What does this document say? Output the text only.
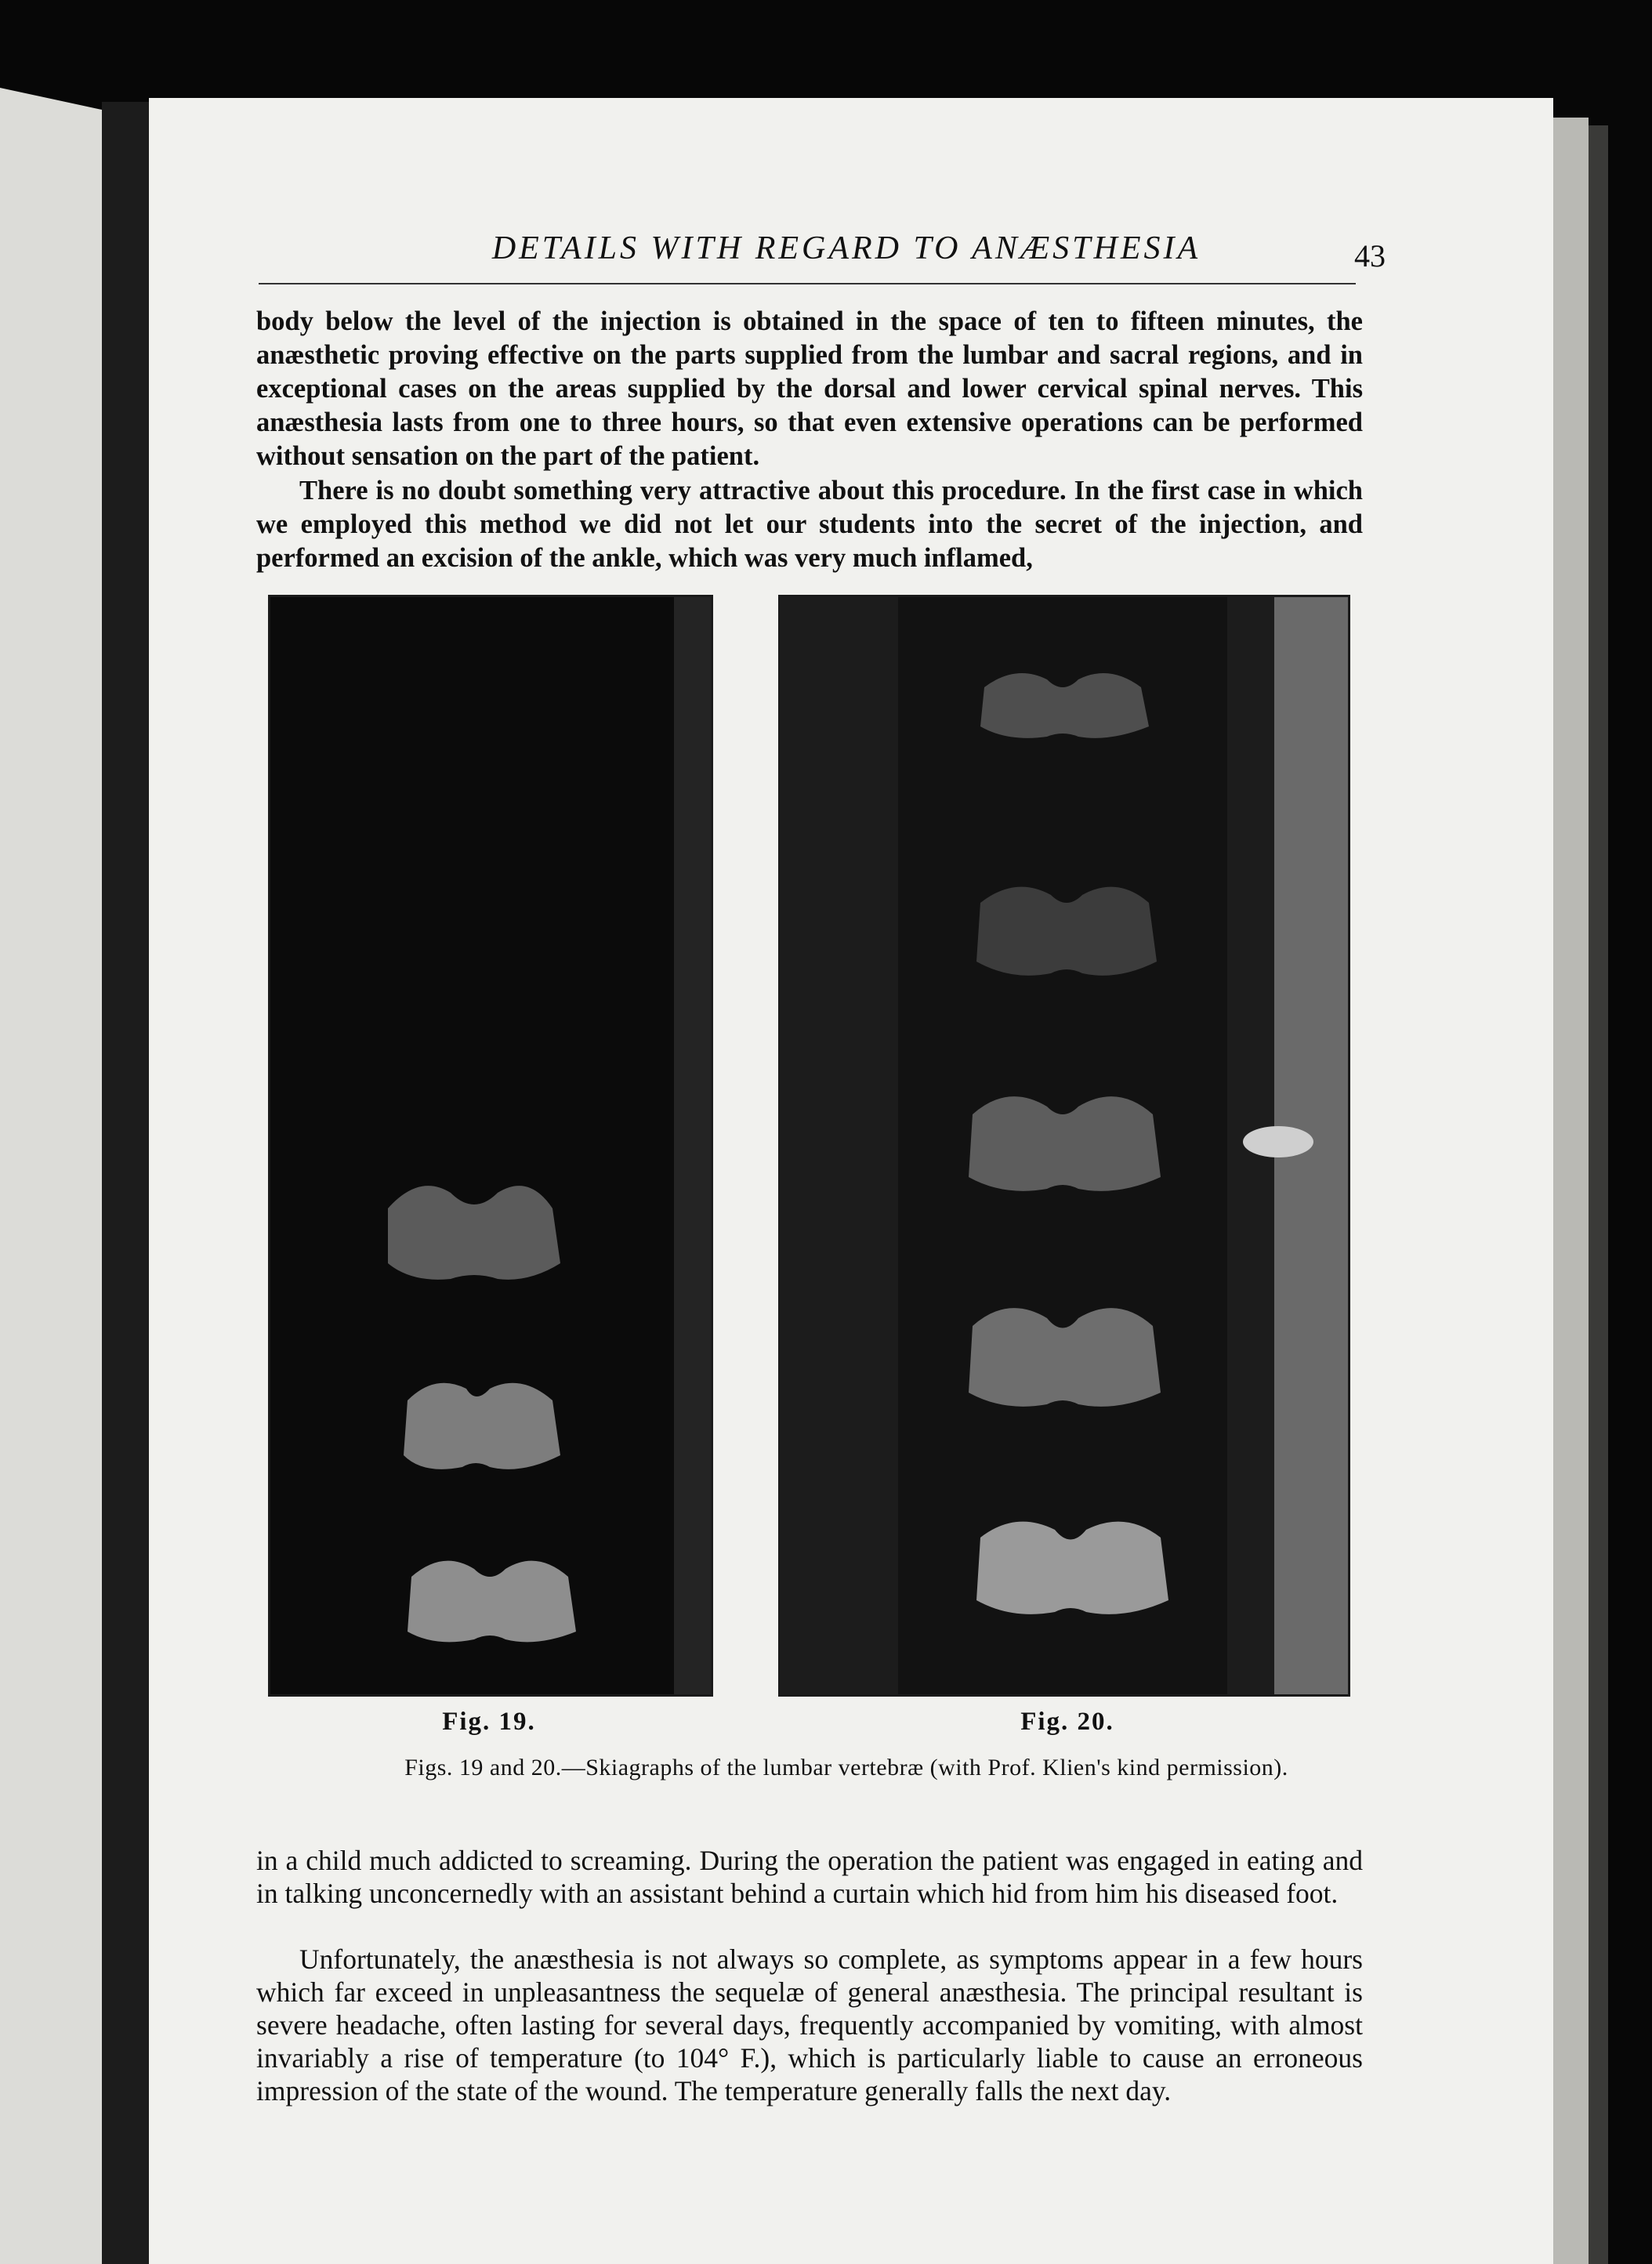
DETAILS WITH REGARD TO ANÆSTHESIA	43
body below the level of the injection is obtained in the space of ten to fifteen minutes, the anæsthetic proving effective on the parts supplied from the lumbar and sacral regions, and in exceptional cases on the areas supplied by the dorsal and lower cervical spinal nerves. This anæsthesia lasts from one to three hours, so that even extensive operations can be performed without sensation on the part of the patient.
There is no doubt something very attractive about this procedure. In the first case in which we employed this method we did not let our students into the secret of the injection, and performed an excision of the ankle, which was very much inflamed,
Fig. 19.	Fig. 20.
Figs. 19 and 20.—Skiagraphs of the lumbar vertebræ (with Prof. Klien's kind permission).
in a child much addicted to screaming. During the operation the patient was engaged in eating and in talking unconcernedly with an assistant behind a curtain which hid from him his diseased foot.
Unfortunately, the anæsthesia is not always so complete, as symptoms appear in a few hours which far exceed in unpleasantness the sequelæ of general anæsthesia. The principal resultant is severe headache, often lasting for several days, frequently accompanied by vomiting, with almost invariably a rise of temperature (to 104° F.), which is particularly liable to cause an erroneous impression of the state of the wound. The temperature generally falls the next day.
